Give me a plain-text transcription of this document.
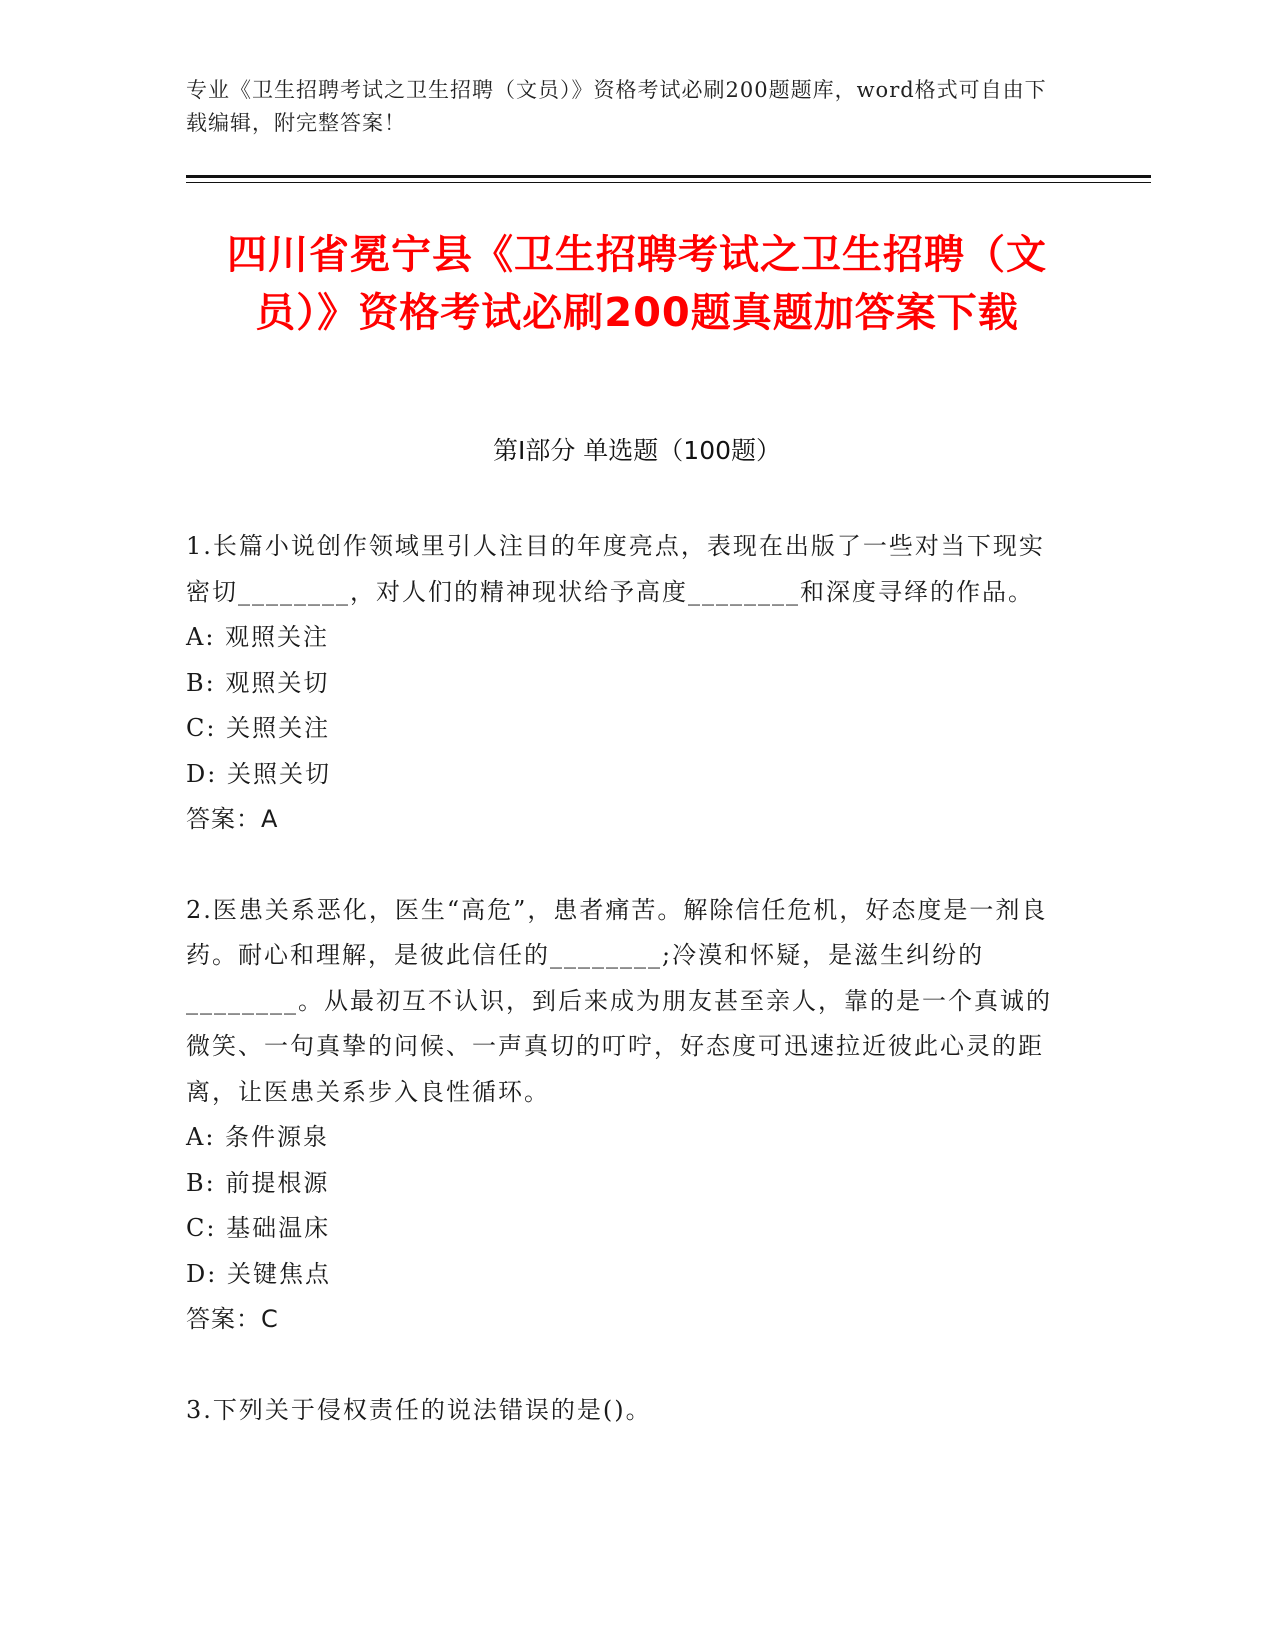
专业《卫生招聘考试之卫生招聘（文员）》资格考试必刷200题题库，word格式可自由下载编辑，附完整答案！
四川省冕宁县《卫生招聘考试之卫生招聘（文员）》资格考试必刷200题真题加答案下载
第I部分 单选题（100题）

1.长篇小说创作领域里引人注目的年度亮点，表现在出版了一些对当下现实密切________，对人们的精神现状给予高度________和深度寻绎的作品。

A: 观照关注

B: 观照关切

C: 关照关注

D: 关照关切

答案：A

2.医患关系恶化，医生“高危”，患者痛苦。解除信任危机，好态度是一剂良药。耐心和理解，是彼此信任的________;冷漠和怀疑，是滋生纠纷的________。从最初互不认识，到后来成为朋友甚至亲人，靠的是一个真诚的微笑、一句真挚的问候、一声真切的叮咛，好态度可迅速拉近彼此心灵的距离，让医患关系步入良性循环。

A: 条件源泉

B: 前提根源

C: 基础温床

D: 关键焦点

答案：C

3.下列关于侵权责任的说法错误的是()。
